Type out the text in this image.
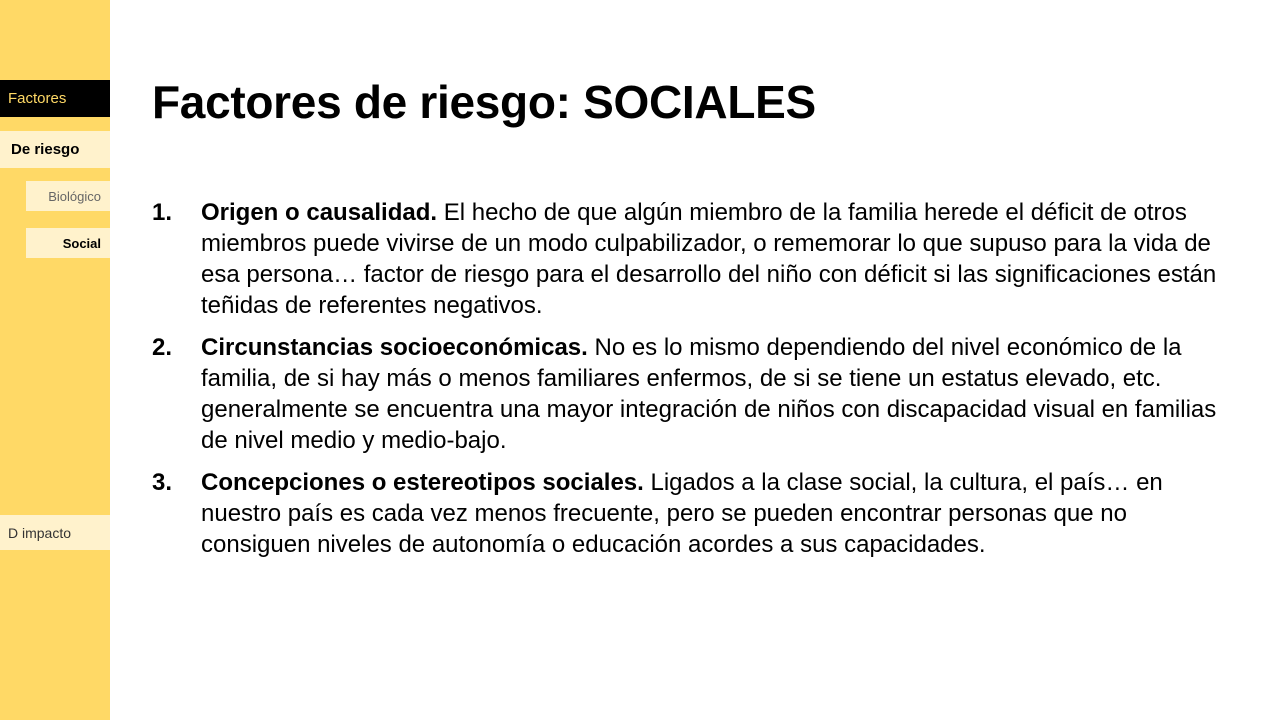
Factores
De riesgo
Biológico
Social
D impacto
Factores de riesgo: SOCIALES
1. Origen o causalidad. El hecho de que algún miembro de la familia herede el déficit de otros miembros puede vivirse de un modo culpabilizador, o rememorar lo que supuso para la vida de esa persona… factor de riesgo para el desarrollo del niño con déficit si las significaciones están teñidas de referentes negativos.
2. Circunstancias socioeconómicas. No es lo mismo dependiendo del nivel económico de la familia, de si hay más o menos familiares enfermos, de si se tiene un estatus elevado, etc. generalmente se encuentra una mayor integración de niños con discapacidad visual en familias de nivel medio y medio-bajo.
3. Concepciones o estereotipos sociales. Ligados a la clase social, la cultura, el país… en nuestro país es cada vez menos frecuente, pero se pueden encontrar personas que no consiguen niveles de autonomía o educación acordes a sus capacidades.
